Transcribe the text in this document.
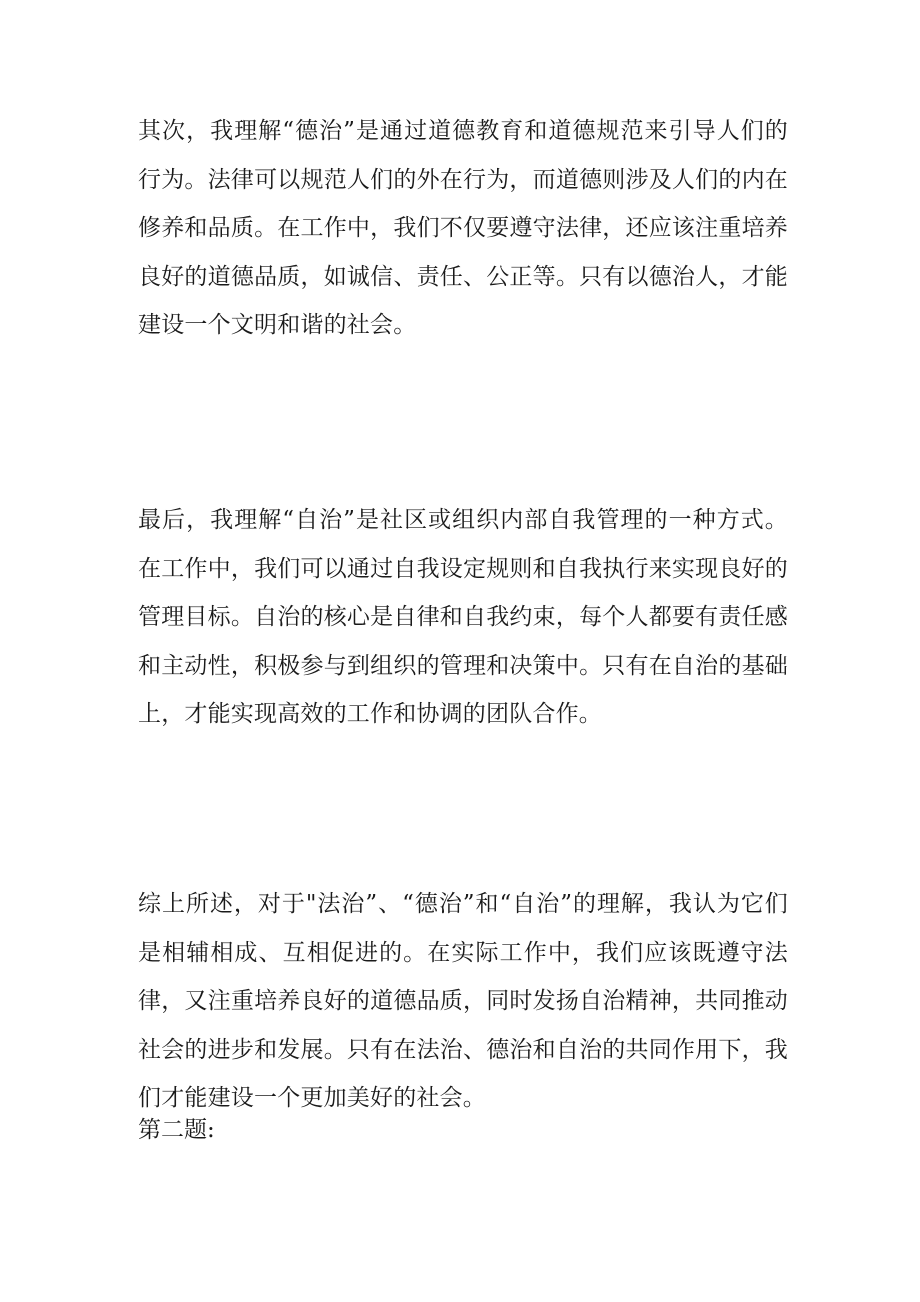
其次，我理解“德治”是通过道德教育和道德规范来引导人们的行为。法律可以规范人们的外在行为，而道德则涉及人们的内在修养和品质。在工作中，我们不仅要遵守法律，还应该注重培养良好的道德品质，如诚信、责任、公正等。只有以德治人，才能建设一个文明和谐的社会。

最后，我理解“自治”是社区或组织内部自我管理的一种方式。在工作中，我们可以通过自我设定规则和自我执行来实现良好的管理目标。自治的核心是自律和自我约束，每个人都要有责任感和主动性，积极参与到组织的管理和决策中。只有在自治的基础上，才能实现高效的工作和协调的团队合作。

综上所述，对于"法治”、“德治”和“自治”的理解，我认为它们是相辅相成、互相促进的。在实际工作中，我们应该既遵守法律，又注重培养良好的道德品质，同时发扬自治精神，共同推动社会的进步和发展。只有在法治、德治和自治的共同作用下，我们才能建设一个更加美好的社会。

第二题:
